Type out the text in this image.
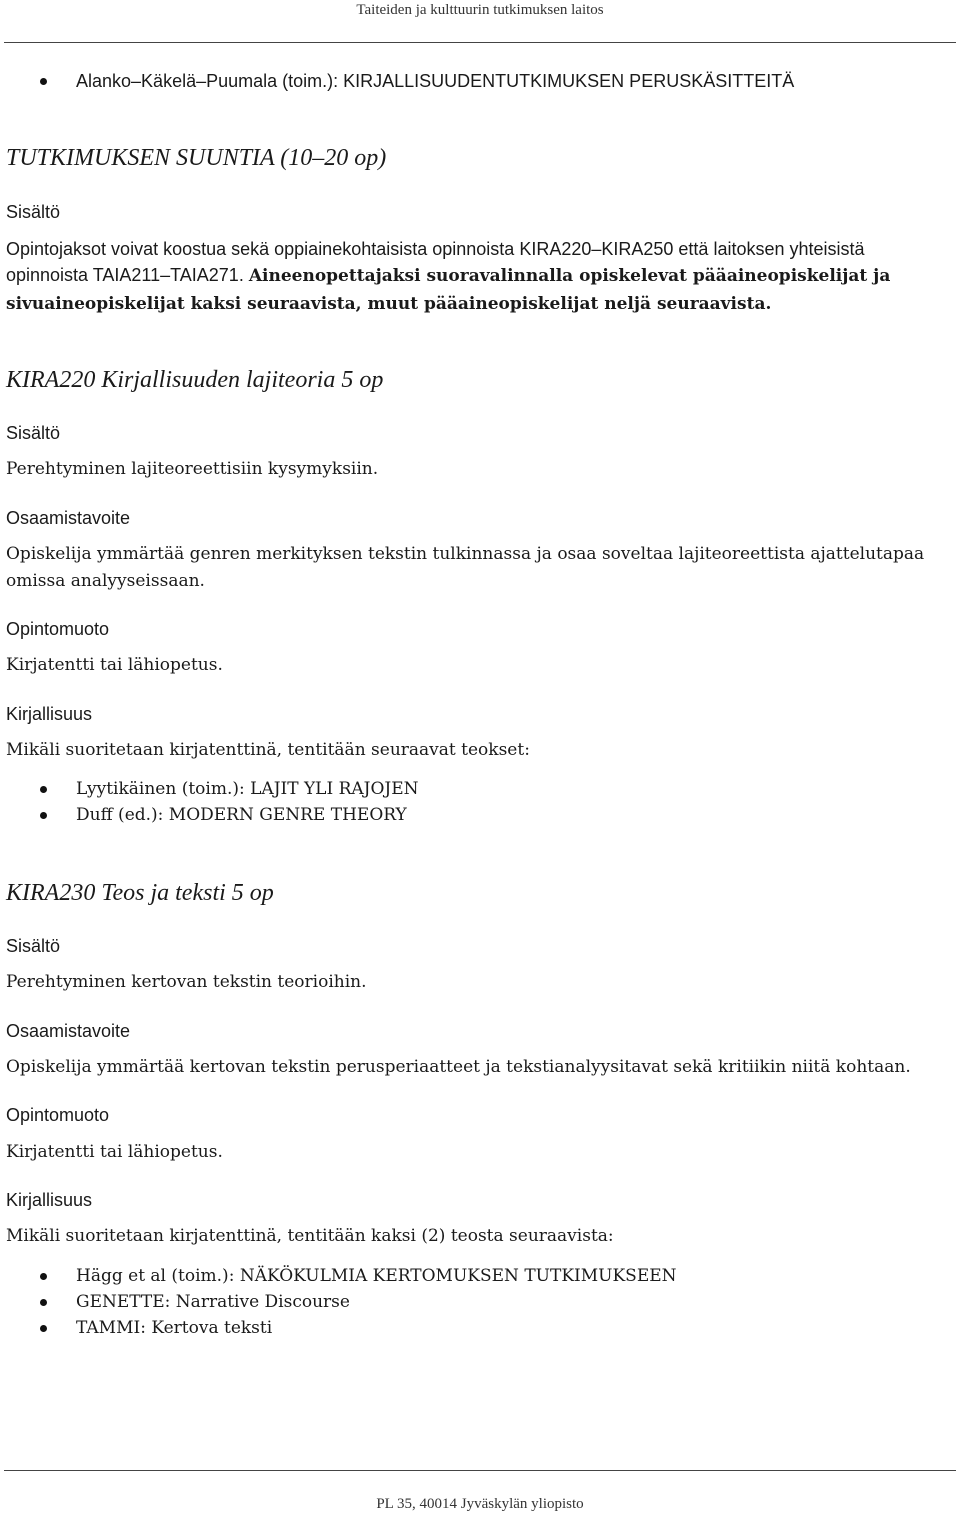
Taiteiden ja kulttuurin tutkimuksen laitos
Alanko–Käkelä–Puumala (toim.): KIRJALLISUUDENTUTKIMUKSEN PERUSKÄSITTEITÄ

TUTKIMUKSEN SUUNTIA (10–20 op)

Sisältö

Opintojaksot voivat koostua sekä oppiainekohtaisista opinnoista KIRA220–KIRA250 että laitoksen yhteisistä opinnoista TAIA211–TAIA271. Aineenopettajaksi suoravalinnalla opiskelevat pääaineopiskelijat ja sivuaineopiskelijat kaksi seuraavista, muut pääaineopiskelijat neljä seuraavista.

KIRA220 Kirjallisuuden lajiteoria 5 op

Sisältö

Perehtyminen lajiteoreettisiin kysymyksiin.

Osaamistavoite

Opiskelija ymmärtää genren merkityksen tekstin tulkinnassa ja osaa soveltaa lajiteoreettista ajattelutapaa omissa analyyseissaan.

Opintomuoto

Kirjatentti tai lähiopetus.

Kirjallisuus

Mikäli suoritetaan kirjatenttinä, tentitään seuraavat teokset:

Lyytikäinen (toim.): LAJIT YLI RAJOJEN
Duff (ed.): MODERN GENRE THEORY

KIRA230 Teos ja teksti 5 op

Sisältö

Perehtyminen kertovan tekstin teorioihin.

Osaamistavoite

Opiskelija ymmärtää kertovan tekstin perusperiaatteet ja tekstianalyysitavat sekä kritiikin niitä kohtaan.

Opintomuoto

Kirjatentti tai lähiopetus.

Kirjallisuus

Mikäli suoritetaan kirjatenttinä, tentitään kaksi (2) teosta seuraavista:

Hägg et al (toim.): NÄKÖKULMIA KERTOMUKSEN TUTKIMUKSEEN
GENETTE: Narrative Discourse
TAMMI: Kertova teksti
PL 35, 40014 Jyväskylän yliopisto
